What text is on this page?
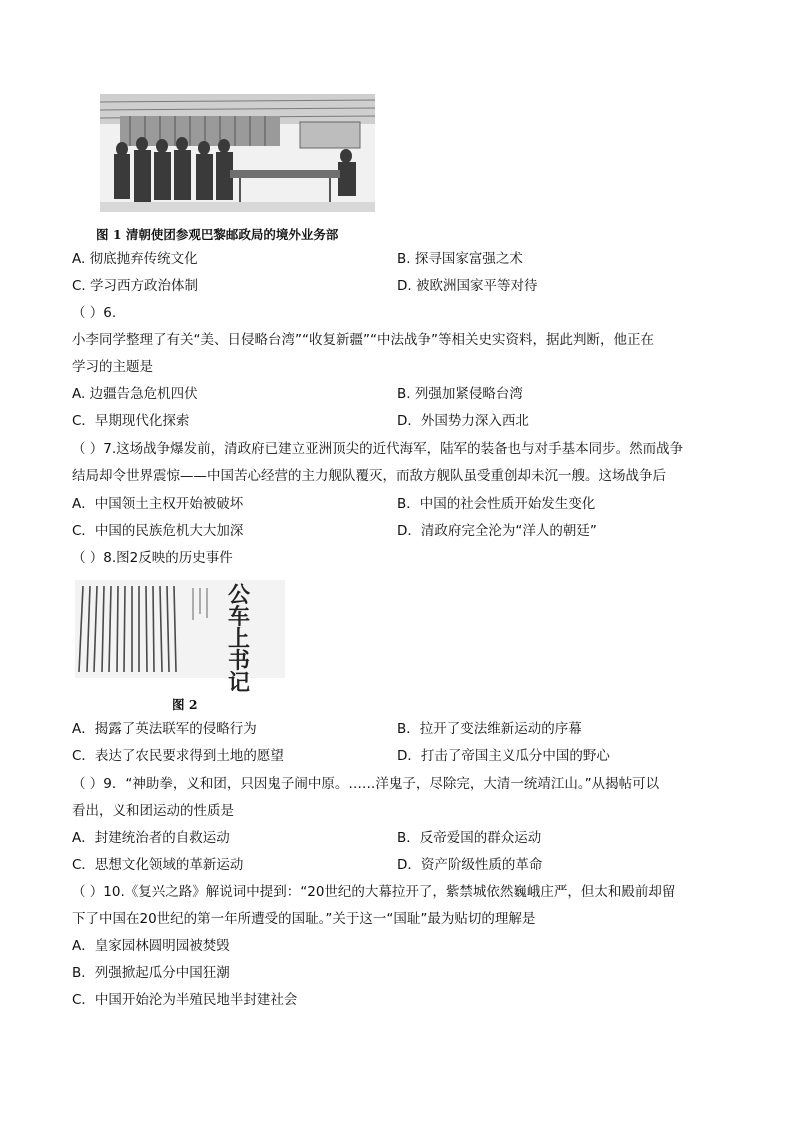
图 1 清朝使团参观巴黎邮政局的境外业务部
A. 彻底抛弃传统文化	B. 探寻国家富强之术
C. 学习西方政治体制	D. 被欧洲国家平等对待
（ ）6.
小李同学整理了有关“美、日侵略台湾”“收复新疆”“中法战争”等相关史实资料，据此判断，他正在
学习的主题是
A. 边疆告急危机四伏	B. 列强加紧侵略台湾
C．早期现代化探索	D．外国势力深入西北
（ ）7.这场战争爆发前，清政府已建立亚洲顶尖的近代海军，陆军的装备也与对手基本同步。然而战争
结局却令世界震惊——中国苦心经营的主力舰队覆灭，而敌方舰队虽受重创却未沉一艘。这场战争后
A．中国领土主权开始被破坏	B．中国的社会性质开始发生变化
C．中国的民族危机大大加深	D．清政府完全沦为“洋人的朝廷”
（ ）8.图2反映的历史事件
公车上书记
图 2
A．揭露了英法联军的侵略行为	B．拉开了变法维新运动的序幕
C．表达了农民要求得到土地的愿望	D．打击了帝国主义瓜分中国的野心
（ ）9．“神助拳，义和团，只因鬼子闹中原。……洋鬼子，尽除完，大清一统靖江山。”从揭帖可以
看出，义和团运动的性质是
A．封建统治者的自救运动	B．反帝爱国的群众运动
C．思想文化领域的革新运动	D．资产阶级性质的革命
（ ）10.《复兴之路》解说词中提到：“20世纪的大幕拉开了，紫禁城依然巍峨庄严，但太和殿前却留
下了中国在20世纪的第一年所遭受的国耻。”关于这一“国耻”最为贴切的理解是
A．皇家园林圆明园被焚毁
B．列强掀起瓜分中国狂潮
C．中国开始沦为半殖民地半封建社会
